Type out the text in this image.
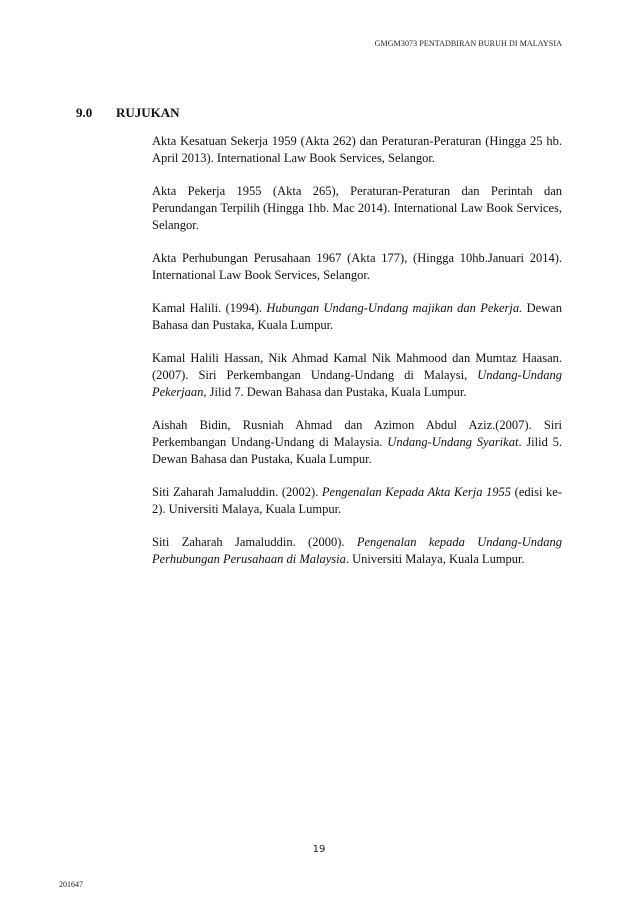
GMGM3073 PENTADBIRAN BURUH DI MALAYSIA
9.0	RUJUKAN

Akta Kesatuan Sekerja 1959 (Akta 262) dan Peraturan-Peraturan (Hingga 25 hb. April 2013). International Law Book Services, Selangor.

Akta Pekerja 1955 (Akta 265), Peraturan-Peraturan dan Perintah dan Perundangan Terpilih (Hingga 1hb. Mac 2014). International Law Book Services, Selangor.

Akta Perhubungan Perusahaan 1967 (Akta 177), (Hingga 10hb.Januari 2014). International Law Book Services, Selangor.

Kamal Halili. (1994). Hubungan Undang-Undang majikan dan Pekerja. Dewan Bahasa dan Pustaka, Kuala Lumpur.

Kamal Halili Hassan, Nik Ahmad Kamal Nik Mahmood dan Mumtaz Haasan. (2007). Siri Perkembangan Undang-Undang di Malaysi, Undang-Undang Pekerjaan, Jilid 7. Dewan Bahasa dan Pustaka, Kuala Lumpur.

Aishah Bidin, Rusniah Ahmad dan Azimon Abdul Aziz.(2007). Siri Perkembangan Undang-Undang di Malaysia. Undang-Undang Syarikat. Jilid 5. Dewan Bahasa dan Pustaka, Kuala Lumpur.

Siti Zaharah Jamaluddin. (2002). Pengenalan Kepada Akta Kerja 1955 (edisi ke-2). Universiti Malaya, Kuala Lumpur.

Siti Zaharah Jamaluddin. (2000). Pengenalan kepada Undang-Undang Perhubungan Perusahaan di Malaysia. Universiti Malaya, Kuala Lumpur.

19
201647
